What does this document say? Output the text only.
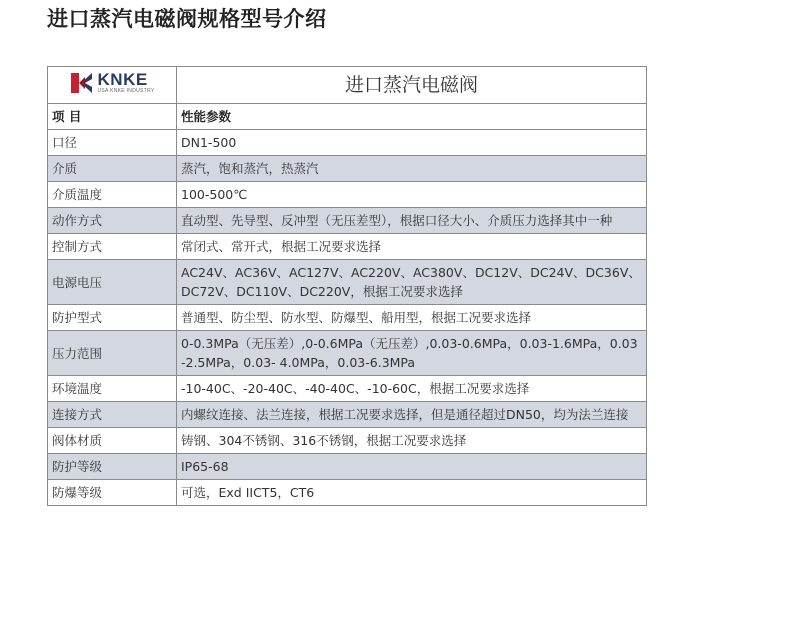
进口蒸汽电磁阀规格型号介绍
KNKE
USA KNKE INDUSTRY	进口蒸汽电磁阀
项 目	性能参数
口径	DN1-500
介质	蒸汽，饱和蒸汽，热蒸汽
介质温度	100-500℃
动作方式	直动型、先导型、反冲型（无压差型），根据口径大小、介质压力选择其中一种
控制方式	常闭式、常开式，根据工况要求选择
电源电压	AC24V、AC36V、AC127V、AC220V、AC380V、DC12V、DC24V、DC36V、DC72V、DC110V、DC220V，根据工况要求选择
防护型式	普通型、防尘型、防水型、防爆型、船用型，根据工况要求选择
压力范围	0-0.3MPa（无压差）,0-0.6MPa（无压差）,0.03-0.6MPa，0.03-1.6MPa，0.03-2.5MPa，0.03- 4.0MPa，0.03-6.3MPa
环境温度	-10-40C、-20-40C、-40-40C、-10-60C，根据工况要求选择
连接方式	内螺纹连接、法兰连接，根据工况要求选择，但是通径超过DN50，均为法兰连接
阀体材质	铸钢、304不锈钢、316不锈钢，根据工况要求选择
防护等级	IP65-68
防爆等级	可选，Exd IICT5，CT6
